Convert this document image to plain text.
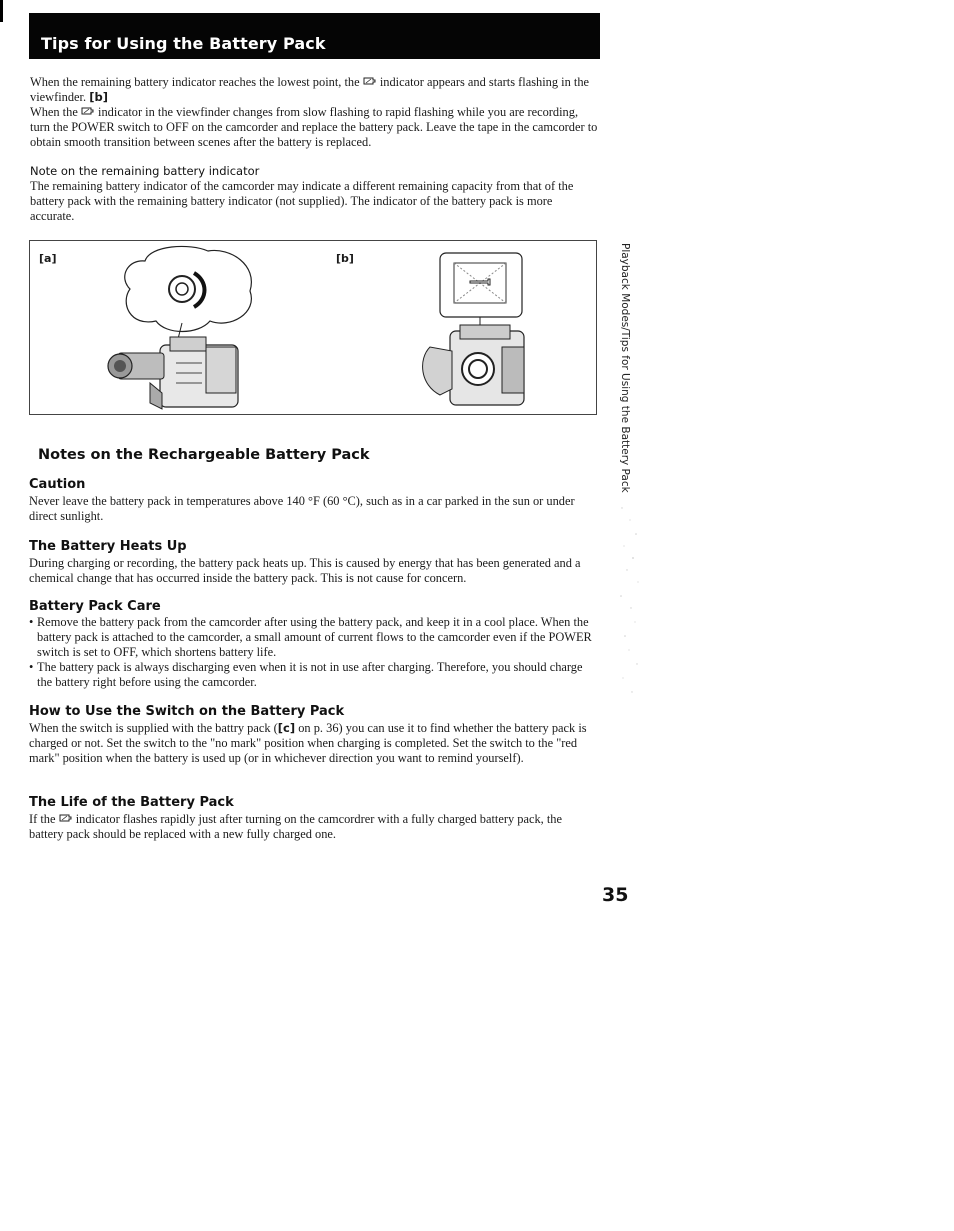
Tips for Using the Battery Pack

When the remaining battery indicator reaches the lowest point, the indicator appears and starts flashing in the viewfinder. [b]

When the indicator in the viewfinder changes from slow flashing to rapid flashing while you are recording, turn the POWER switch to OFF on the camcorder and replace the battery pack. Leave the tape in the camcorder to obtain smooth transition between scenes after the battery is replaced.

Note on the remaining battery indicator
The remaining battery indicator of the camcorder may indicate a different remaining capacity from that of the battery pack with the remaining battery indicator (not supplied). The indicator of the battery pack is more accurate.
[a]	[b]
Notes on the Rechargeable Battery Pack
Caution
Never leave the battery pack in temperatures above 140 °F (60 °C), such as in a car parked in the sun or under direct sunlight.
The Battery Heats Up
During charging or recording, the battery pack heats up. This is caused by energy that has been generated and a chemical change that has occurred inside the battery pack. This is not cause for concern.
Battery Pack Care
• Remove the battery pack from the camcorder after using the battery pack, and keep it in a cool place. When the battery pack is attached to the camcorder, a small amount of current flows to the camcorder even if the POWER switch is set to OFF, which shortens battery life.
• The battery pack is always discharging even when it is not in use after charging. Therefore, you should charge the battery right before using the camcorder.
How to Use the Switch on the Battery Pack

When the switch is supplied with the battry pack ([c] on p. 36) you can use it to find whether the battery pack is charged or not. Set the switch to the "no mark" position when charging is completed. Set the switch to the "red mark" position when the battery is used up (or in whichever direction you want to remind yourself).

The Life of the Battery Pack

If the indicator flashes rapidly just after turning on the camcordrer with a fully charged battery pack, the battery pack should be replaced with a new fully charged one.

Playback Modes/Tips for Using the Battery Pack
35
